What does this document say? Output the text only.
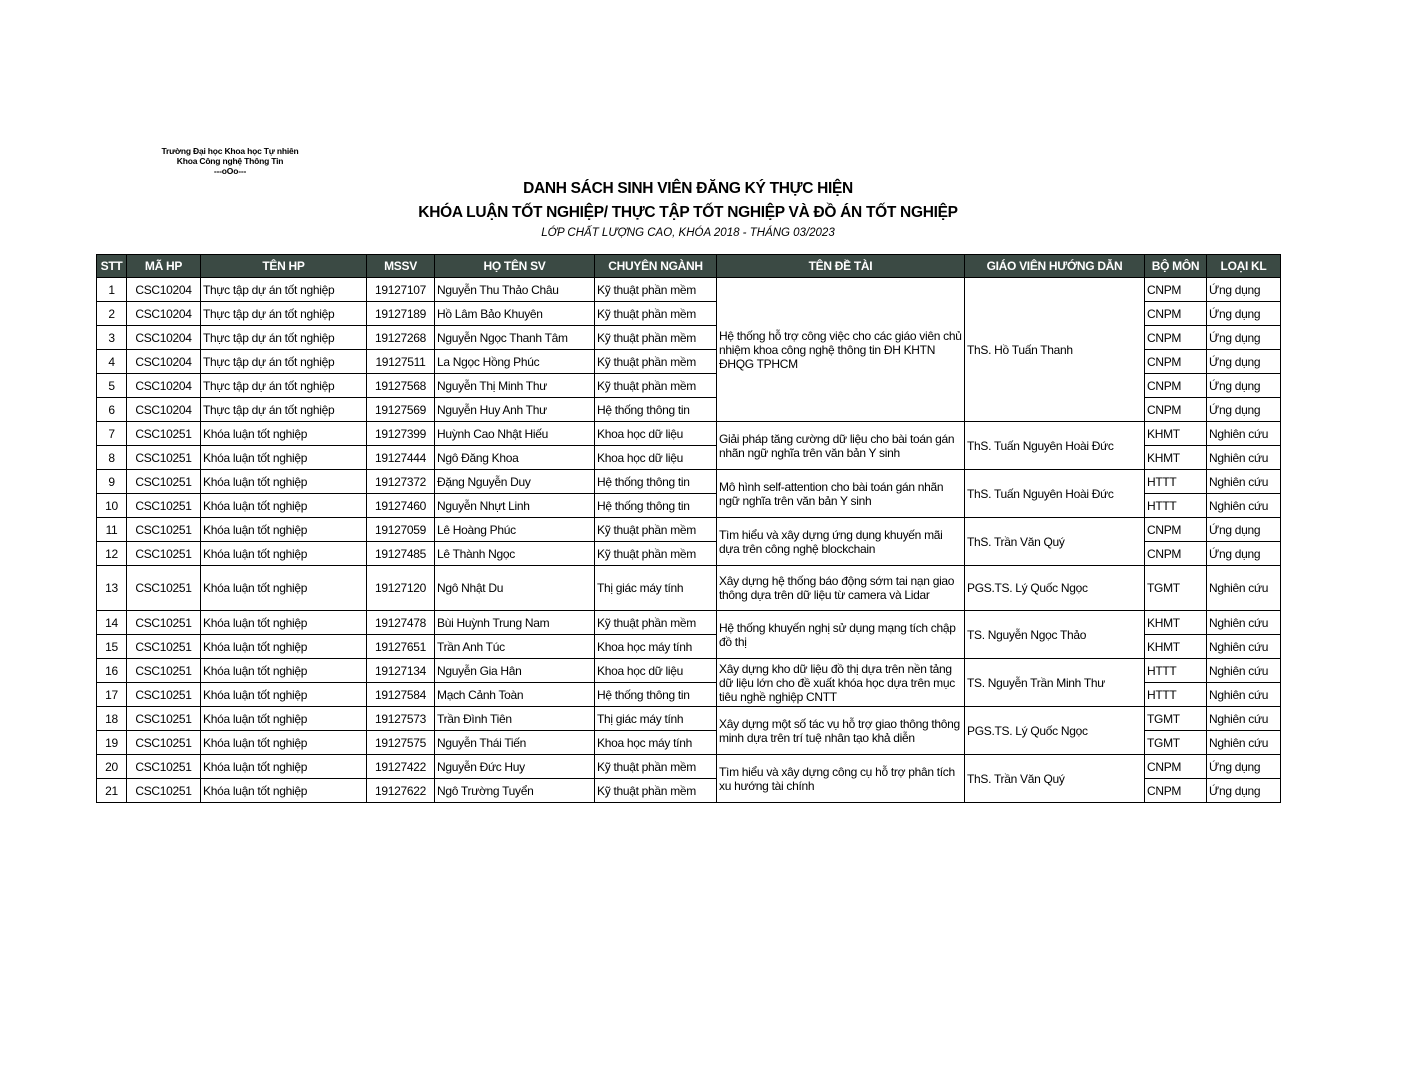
Trường Đại học Khoa học Tự nhiên
Khoa Công nghệ Thông Tin
---oOo---
DANH SÁCH SINH VIÊN ĐĂNG KÝ THỰC HIỆN
KHÓA LUẬN TỐT NGHIỆP/ THỰC TẬP TỐT NGHIỆP VÀ ĐỒ ÁN TỐT NGHIỆP
LỚP CHẤT LƯỢNG CAO, KHÓA 2018 - THÁNG 03/2023
STT	MÃ HP	TÊN HP	MSSV	HỌ TÊN SV	CHUYÊN NGÀNH	TÊN ĐỀ TÀI	GIÁO VIÊN HƯỚNG DẪN	BỘ MÔN	LOẠI KL
1	CSC10204	Thực tập dự án tốt nghiệp	19127107	Nguyễn Thu Thảo Châu	Kỹ thuật phần mềm	Hệ thống hỗ trợ công việc cho các giáo viên chủ nhiệm khoa công nghệ thông tin ĐH KHTN ĐHQG TPHCM	ThS. Hồ Tuấn Thanh	CNPM	Ứng dụng
2	CSC10204	Thực tập dự án tốt nghiệp	19127189	Hồ Lâm Bảo Khuyên	Kỹ thuật phần mềm			CNPM	Ứng dụng
3	CSC10204	Thực tập dự án tốt nghiệp	19127268	Nguyễn Ngọc Thanh Tâm	Kỹ thuật phần mềm			CNPM	Ứng dụng
4	CSC10204	Thực tập dự án tốt nghiệp	19127511	La Ngọc Hồng Phúc	Kỹ thuật phần mềm			CNPM	Ứng dụng
5	CSC10204	Thực tập dự án tốt nghiệp	19127568	Nguyễn Thị Minh Thư	Kỹ thuật phần mềm			CNPM	Ứng dụng
6	CSC10204	Thực tập dự án tốt nghiệp	19127569	Nguyễn Huy Anh Thư	Hệ thống thông tin			CNPM	Ứng dụng
7	CSC10251	Khóa luận tốt nghiệp	19127399	Huỳnh Cao Nhật Hiếu	Khoa học dữ liệu	Giải pháp tăng cường dữ liệu cho bài toán gán nhãn ngữ nghĩa trên văn bản Y sinh	ThS. Tuấn Nguyên Hoài Đức	KHMT	Nghiên cứu
8	CSC10251	Khóa luận tốt nghiệp	19127444	Ngô Đăng Khoa	Khoa học dữ liệu			KHMT	Nghiên cứu
9	CSC10251	Khóa luận tốt nghiệp	19127372	Đặng Nguyễn Duy	Hệ thống thông tin	Mô hình self-attention cho bài toán gán nhãn ngữ nghĩa trên văn bản Y sinh	ThS. Tuấn Nguyên Hoài Đức	HTTT	Nghiên cứu
10	CSC10251	Khóa luận tốt nghiệp	19127460	Nguyễn Nhựt Linh	Hệ thống thông tin			HTTT	Nghiên cứu
11	CSC10251	Khóa luận tốt nghiệp	19127059	Lê Hoàng Phúc	Kỹ thuật phần mềm	Tìm hiểu và xây dựng ứng dụng khuyến mãi dựa trên công nghệ blockchain	ThS. Trần Văn Quý	CNPM	Ứng dụng
12	CSC10251	Khóa luận tốt nghiệp	19127485	Lê Thành Ngọc	Kỹ thuật phần mềm			CNPM	Ứng dụng
13	CSC10251	Khóa luận tốt nghiệp	19127120	Ngô Nhật Du	Thị giác máy tính	Xây dựng hệ thống báo động sớm tai nạn giao thông dựa trên dữ liệu từ camera và Lidar	PGS.TS. Lý Quốc Ngọc	TGMT	Nghiên cứu
14	CSC10251	Khóa luận tốt nghiệp	19127478	Bùi Huỳnh Trung Nam	Kỹ thuật phần mềm	Hệ thống khuyến nghị sử dụng mạng tích chập đồ thị	TS. Nguyễn Ngọc Thảo	KHMT	Nghiên cứu
15	CSC10251	Khóa luận tốt nghiệp	19127651	Trần Anh Túc	Khoa học máy tính			KHMT	Nghiên cứu
16	CSC10251	Khóa luận tốt nghiệp	19127134	Nguyễn Gia Hân	Khoa học dữ liệu	Xây dựng kho dữ liệu đồ thị dựa trên nền tảng dữ liệu lớn cho đề xuất khóa học dựa trên mục tiêu nghề nghiệp CNTT	TS. Nguyễn Trần Minh Thư	HTTT	Nghiên cứu
17	CSC10251	Khóa luận tốt nghiệp	19127584	Mạch Cảnh Toàn	Hệ thống thông tin			HTTT	Nghiên cứu
18	CSC10251	Khóa luận tốt nghiệp	19127573	Trần Đình Tiên	Thị giác máy tính	Xây dựng một số tác vụ hỗ trợ giao thông thông minh dựa trên trí tuệ nhân tạo khả diễn	PGS.TS. Lý Quốc Ngọc	TGMT	Nghiên cứu
19	CSC10251	Khóa luận tốt nghiệp	19127575	Nguyễn Thái Tiến	Khoa học máy tính			TGMT	Nghiên cứu
20	CSC10251	Khóa luận tốt nghiệp	19127422	Nguyễn Đức Huy	Kỹ thuật phần mềm	Tìm hiểu và xây dựng công cụ hỗ trợ phân tích xu hướng tài chính	ThS. Trần Văn Quý	CNPM	Ứng dụng
21	CSC10251	Khóa luận tốt nghiệp	19127622	Ngô Trường Tuyển	Kỹ thuật phần mềm			CNPM	Ứng dụng
